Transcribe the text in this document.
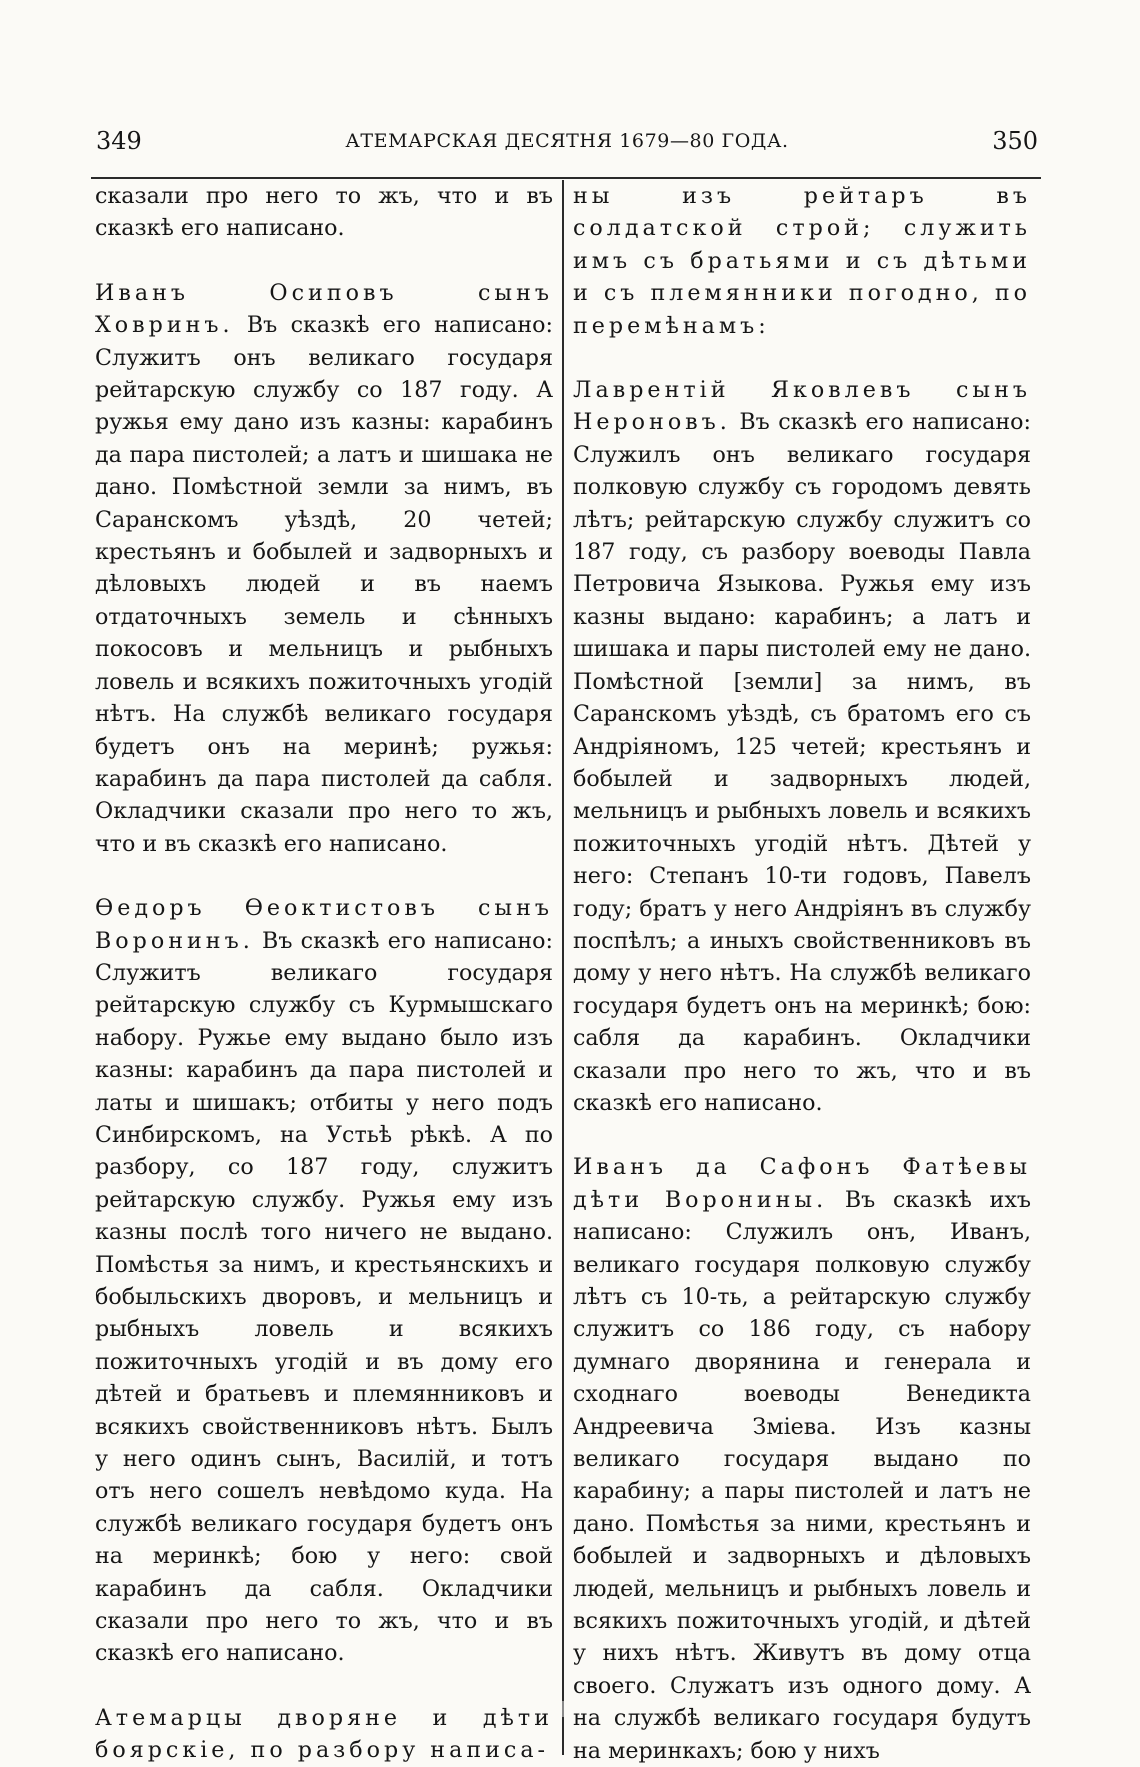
349	АТЕМАРСКАЯ ДЕСЯТНЯ 1679—80 ГОДА.	350

сказали про него то жъ, что и въ сказкѣ его написано.

Иванъ Осиповъ сынъ Ховринъ. Въ сказкѣ его написано: Служитъ онъ великаго государя рейтарскую службу со 187 году. А ружья ему дано изъ казны: карабинъ да пара пистолей; а латъ и шишака не дано. Помѣстной земли за нимъ, въ Саранскомъ уѣздѣ, 20 четей; крестьянъ и бобылей и задворныхъ и дѣловыхъ людей и въ наемъ отдаточныхъ земель и сѣнныхъ покосовъ и мельницъ и рыбныхъ ловель и всякихъ пожиточныхъ угодій нѣтъ. На службѣ великаго государя будетъ онъ на меринѣ; ружья: карабинъ да пара пистолей да сабля. Окладчики сказали про него то жъ, что и въ сказкѣ его написано.

Ѳедоръ Ѳеоктистовъ сынъ Воронинъ. Въ сказкѣ его написано: Служитъ великаго государя рейтарскую службу съ Курмышскаго набору. Ружье ему выдано было изъ казны: карабинъ да пара пистолей и латы и шишакъ; отбиты у него подъ Синбирскомъ, на Устьѣ рѣкѣ. А по разбору, со 187 году, служитъ рейтарскую службу. Ружья ему изъ казны послѣ того ничего не выдано. Помѣстья за нимъ, и крестьянскихъ и бобыльскихъ дворовъ, и мельницъ и рыбныхъ ловель и всякихъ пожиточныхъ угодій и въ дому его дѣтей и братьевъ и племянниковъ и всякихъ свойственниковъ нѣтъ. Былъ у него одинъ сынъ, Василій, и тотъ отъ него сошелъ невѣдомо куда. На службѣ великаго государя будетъ онъ на меринкѣ; бою у него: свой карабинъ да сабля. Окладчики сказали про него то жъ, что и въ сказкѣ его написано.

Атемарцы дворяне и дѣти боярскіе, по разбору написа-

ны изъ рейтаръ въ солдатской строй; служить имъ съ братьями и съ дѣтьми и съ племянники погодно, по перемѣнамъ:

Лаврентій Яковлевъ сынъ Нероновъ. Въ сказкѣ его написано: Служилъ онъ великаго государя полковую службу съ городомъ девять лѣтъ; рейтарскую службу служитъ со 187 году, съ разбору воеводы Павла Петровича Языкова. Ружья ему изъ казны выдано: карабинъ; а латъ и шишака и пары пистолей ему не дано. Помѣстной [земли] за нимъ, въ Саранскомъ уѣздѣ, съ братомъ его съ Андріяномъ, 125 четей; крестьянъ и бобылей и задворныхъ людей, мельницъ и рыбныхъ ловель и всякихъ пожиточныхъ угодій нѣтъ. Дѣтей у него: Степанъ 10-ти годовъ, Павелъ году; братъ у него Андріянъ въ службу поспѣлъ; а иныхъ свойственниковъ въ дому у него нѣтъ. На службѣ великаго государя будетъ онъ на меринкѣ; бою: сабля да карабинъ. Окладчики сказали про него то жъ, что и въ сказкѣ его написано.

Иванъ да Сафонъ Фатѣевы дѣти Воронины. Въ сказкѣ ихъ написано: Служилъ онъ, Иванъ, великаго государя полковую службу лѣтъ съ 10-ть, а рейтарскую службу служитъ со 186 году, съ набору думнаго дворянина и генерала и сходнаго воеводы Венедикта Андреевича Зміева. Изъ казны великаго государя выдано по карабину; а пары пистолей и латъ не дано. Помѣстья за ними, крестьянъ и бобылей и задворныхъ и дѣловыхъ людей, мельницъ и рыбныхъ ловель и всякихъ пожиточныхъ угодій, и дѣтей у нихъ нѣтъ. Живутъ въ дому отца своего. Служатъ изъ одного дому. А на службѣ великаго государя будутъ на меринкахъ; бою у нихъ
